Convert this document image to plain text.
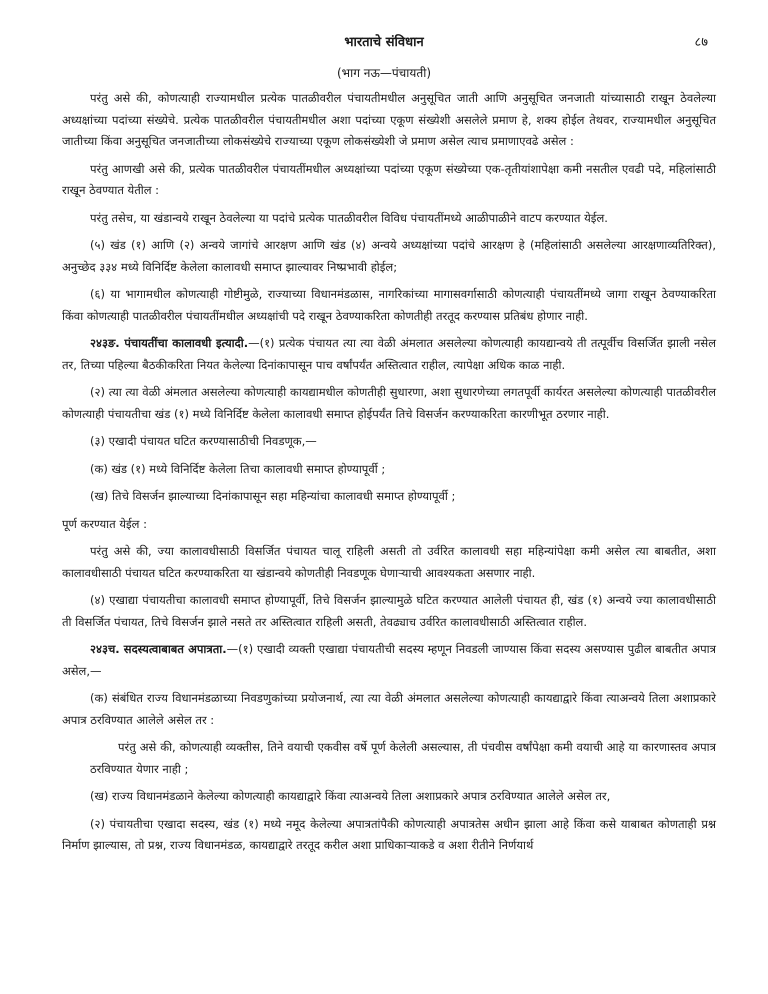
भारताचे संविधान	८७
(भाग नऊ—पंचायती)

परंतु असे की, कोणत्याही राज्यामधील प्रत्येक पातळीवरील पंचायतीमधील अनुसूचित जाती आणि अनुसूचित जनजाती यांच्यासाठी राखून ठेवलेल्या अध्यक्षांच्या पदांच्या संख्येचे. प्रत्येक पातळीवरील पंचायतीमधील अशा पदांच्या एकूण संख्येशी असलेले प्रमाण हे, शक्य होईल तेथवर, राज्यामधील अनुसूचित जातीच्या किंवा अनुसूचित जनजातीच्या लोकसंख्येचे राज्याच्या एकूण लोकसंख्येशी जे प्रमाण असेल त्याच प्रमाणाएवढे असेल :

परंतु आणखी असे की, प्रत्येक पातळीवरील पंचायतींमधील अध्यक्षांच्या पदांच्या एकूण संख्येच्या एक-तृतीयांशापेक्षा कमी नसतील एवढी पदे, महिलांसाठी राखून ठेवण्यात येतील :

परंतु तसेच, या खंडान्वये राखून ठेवलेल्या या पदांचे प्रत्येक पातळीवरील विविध पंचायतींमध्ये आळीपाळीने वाटप करण्यात येईल.

(५) खंड (१) आणि (२) अन्वये जागांचे आरक्षण आणि खंड (४) अन्वये अध्यक्षांच्या पदांचे आरक्षण हे (महिलांसाठी असलेल्या आरक्षणाव्यतिरिक्त), अनुच्छेद ३३४ मध्ये विनिर्दिष्ट केलेला कालावधी समाप्त झाल्यावर निष्प्रभावी होईल;

(६) या भागामधील कोणत्याही गोष्टीमुळे, राज्याच्या विधानमंडळास, नागरिकांच्या मागासवर्गासाठी कोणत्याही पंचायतींमध्ये जागा राखून ठेवण्याकरिता किंवा कोणत्याही पातळीवरील पंचायतींमधील अध्यक्षांची पदे राखून ठेवण्याकरिता कोणतीही तरतूद करण्यास प्रतिबंध होणार नाही.

२४३ङ. पंचायतींचा कालावधी इत्यादी.—(१) प्रत्येक पंचायत त्या त्या वेळी अंमलात असलेल्या कोणत्याही कायद्यान्वये ती तत्पूर्वीच विसर्जित झाली नसेल तर, तिच्या पहिल्या बैठकीकरिता नियत केलेल्या दिनांकापासून पाच वर्षांपर्यंत अस्तित्वात राहील, त्यापेक्षा अधिक काळ नाही.

(२) त्या त्या वेळी अंमलात असलेल्या कोणत्याही कायद्यामधील कोणतीही सुधारणा, अशा सुधारणेच्या लगतपूर्वी कार्यरत असलेल्या कोणत्याही पातळीवरील कोणत्याही पंचायतीचा खंड (१) मध्ये विनिर्दिष्ट केलेला कालावधी समाप्त होईपर्यंत तिचे विसर्जन करण्याकरिता कारणीभूत ठरणार नाही.

(३) एखादी पंचायत घटित करण्यासाठीची निवडणूक,—

(क) खंड (१) मध्ये विनिर्दिष्ट केलेला तिचा कालावधी समाप्त होण्यापूर्वी ;

(ख) तिचे विसर्जन झाल्याच्या दिनांकापासून सहा महिन्यांचा कालावधी समाप्त होण्यापूर्वी ;

पूर्ण करण्यात येईल :

परंतु असे की, ज्या कालावधीसाठी विसर्जित पंचायत चालू राहिली असती तो उर्वरित कालावधी सहा महिन्यांपेक्षा कमी असेल त्या बाबतीत, अशा कालावधीसाठी पंचायत घटित करण्याकरिता या खंडान्वये कोणतीही निवडणूक घेणाऱ्याची आवश्यकता असणार नाही.

(४) एखाद्या पंचायतीचा कालावधी समाप्त होण्यापूर्वी, तिचे विसर्जन झाल्यामुळे घटित करण्यात आलेली पंचायत ही, खंड (१) अन्वये ज्या कालावधीसाठी ती विसर्जित पंचायत, तिचे विसर्जन झाले नसते तर अस्तित्वात राहिली असती, तेवढ्याच उर्वरित कालावधीसाठी अस्तित्वात राहील.

२४३च. सदस्यत्वाबाबत अपात्रता.—(१) एखादी व्यक्ती एखाद्या पंचायतीची सदस्य म्हणून निवडली जाण्यास किंवा सदस्य असण्यास पुढील बाबतीत अपात्र असेल,—

(क) संबंधित राज्य विधानमंडळाच्या निवडणुकांच्या प्रयोजनार्थ, त्या त्या वेळी अंमलात असलेल्या कोणत्याही कायद्याद्वारे किंवा त्याअन्वये तिला अशाप्रकारे अपात्र ठरविण्यात आलेले असेल तर :

परंतु असे की, कोणत्याही व्यक्तीस, तिने वयाची एकवीस वर्षे पूर्ण केलेली असल्यास, ती पंचवीस वर्षांपेक्षा कमी वयाची आहे या कारणास्तव अपात्र ठरविण्यात येणार नाही ;

(ख) राज्य विधानमंडळाने केलेल्या कोणत्याही कायद्याद्वारे किंवा त्याअन्वये तिला अशाप्रकारे अपात्र ठरविण्यात आलेले असेल तर,

(२) पंचायतीचा एखादा सदस्य, खंड (१) मध्ये नमूद केलेल्या अपात्रतांपैकी कोणत्याही अपात्रतेस अधीन झाला आहे किंवा कसे याबाबत कोणताही प्रश्न निर्माण झाल्यास, तो प्रश्न, राज्य विधानमंडळ, कायद्याद्वारे तरतूद करील अशा प्राधिकाऱ्याकडे व अशा रीतीने निर्णयार्थ
